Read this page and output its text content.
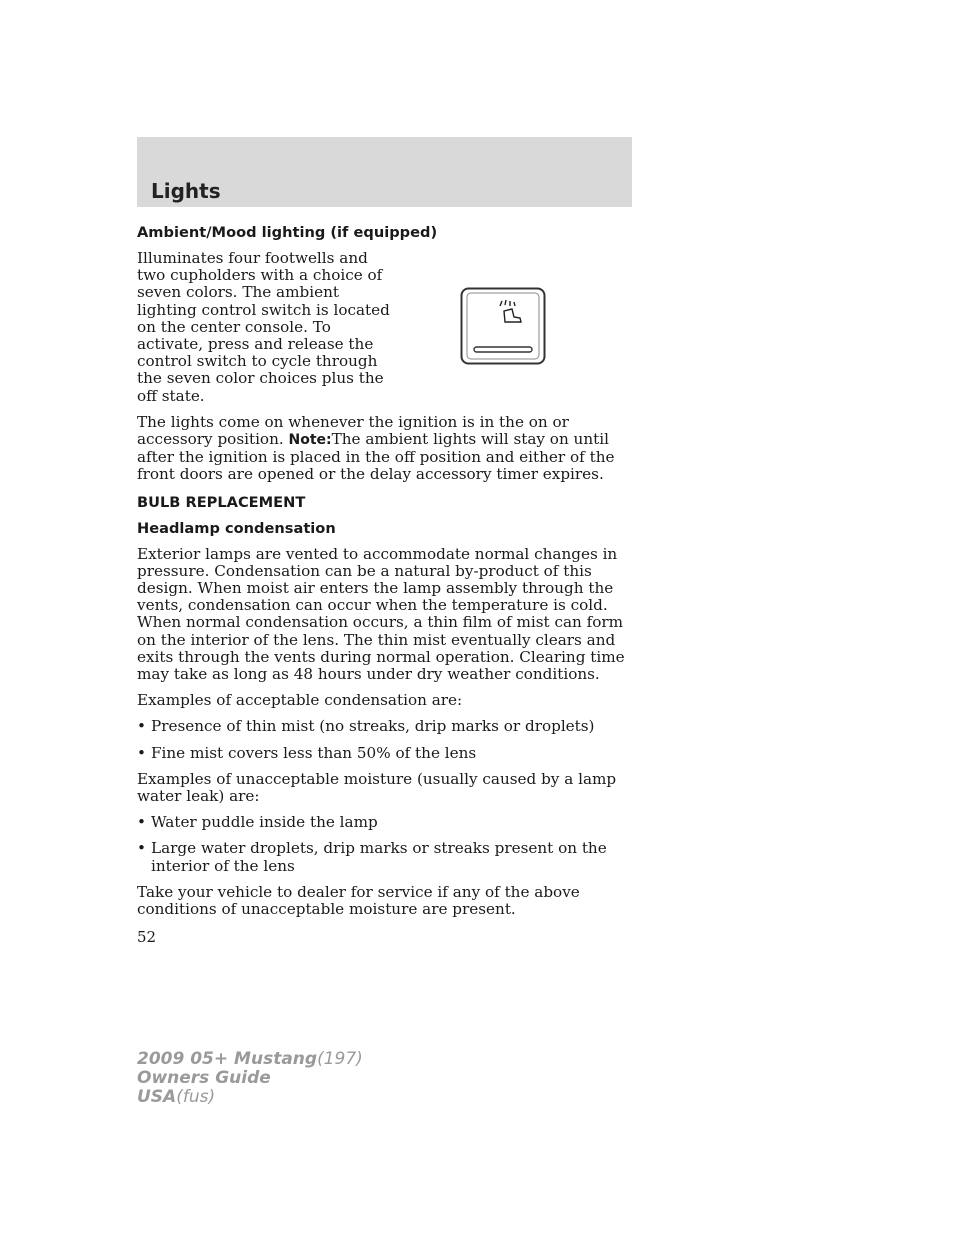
Lights
Ambient/Mood lighting (if equipped)

Illuminates four footwells and two cupholders with a choice of seven colors. The ambient lighting control switch is located on the center console. To activate, press and release the control switch to cycle through the seven color choices plus the off state.

The lights come on whenever the ignition is in the on or accessory position. Note:The ambient lights will stay on until after the ignition is placed in the off position and either of the front doors are opened or the delay accessory timer expires.

BULB REPLACEMENT
Headlamp condensation

Exterior lamps are vented to accommodate normal changes in pressure. Condensation can be a natural by-product of this design. When moist air enters the lamp assembly through the vents, condensation can occur when the temperature is cold. When normal condensation occurs, a thin film of mist can form on the interior of the lens. The thin mist eventually clears and exits through the vents during normal operation. Clearing time may take as long as 48 hours under dry weather conditions.

Examples of acceptable condensation are:

• Presence of thin mist (no streaks, drip marks or droplets)
• Fine mist covers less than 50% of the lens

Examples of unacceptable moisture (usually caused by a lamp water leak) are:

• Water puddle inside the lamp
• Large water droplets, drip marks or streaks present on the interior of the lens

Take your vehicle to dealer for service if any of the above conditions of unacceptable moisture are present.

52
2009 05+ Mustang(197)
Owners Guide
USA(fus)
